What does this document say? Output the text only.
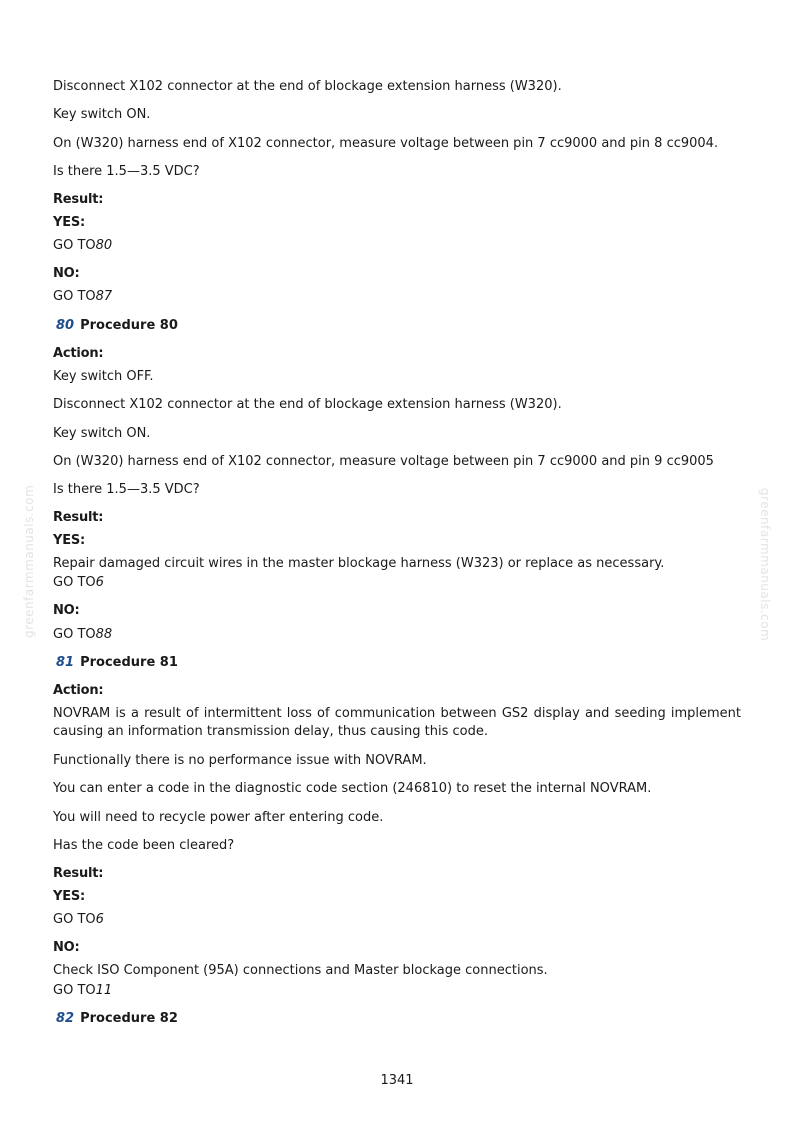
greenfarmmanuals.com	greenfarmmanuals.com
Disconnect X102 connector at the end of blockage extension harness (W320).
Key switch ON.
On (W320) harness end of X102 connector, measure voltage between pin 7 cc9000 and pin 8 cc9004.
Is there 1.5—3.5 VDC?
Result:
YES:
GO TO80
NO:
GO TO87
80 Procedure 80
Action:
Key switch OFF.
Disconnect X102 connector at the end of blockage extension harness (W320).
Key switch ON.
On (W320) harness end of X102 connector, measure voltage between pin 7 cc9000 and pin 9 cc9005
Is there 1.5—3.5 VDC?
Result:
YES:
Repair damaged circuit wires in the master blockage harness (W323) or replace as necessary.
GO TO6
NO:
GO TO88
81 Procedure 81
Action:
NOVRAM is a result of intermittent loss of communication between GS2 display and seeding implement causing an information transmission delay, thus causing this code.
Functionally there is no performance issue with NOVRAM.
You can enter a code in the diagnostic code section (246810) to reset the internal NOVRAM.
You will need to recycle power after entering code.
Has the code been cleared?
Result:
YES:
GO TO6
NO:
Check ISO Component (95A) connections and Master blockage connections.
GO TO11
82 Procedure 82
1341
